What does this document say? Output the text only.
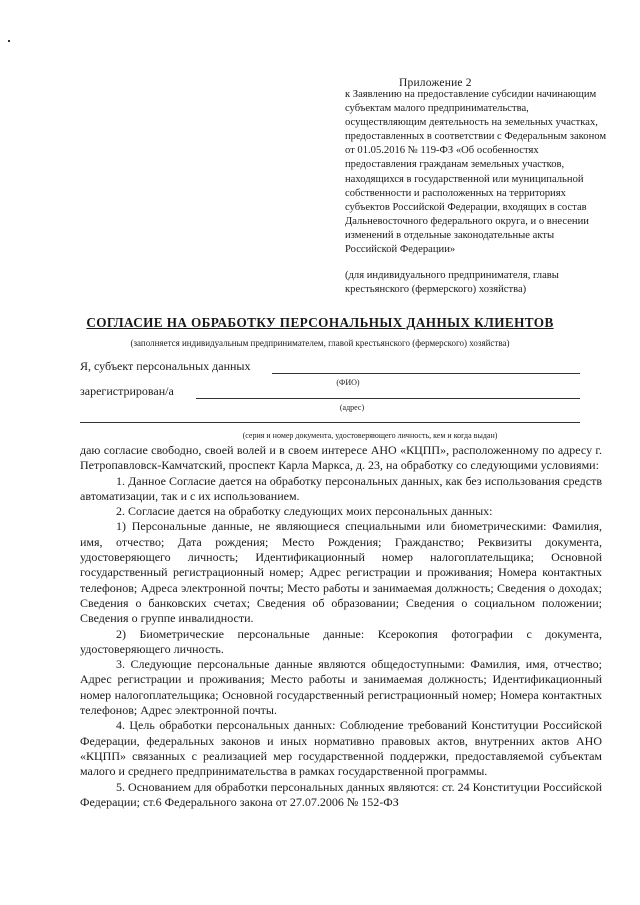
Приложение 2

к Заявлению на предоставление субсидии начинающим субъектам малого предпринимательства, осуществляющим деятельность на земельных участках, предоставленных в соответствии с Федеральным законом от 01.05.2016 № 119-ФЗ «Об особенностях предоставления гражданам земельных участков, находящихся в государственной или муниципальной собственности и расположенных на территориях субъектов Российской Федерации, входящих в состав Дальневосточного федерального округа, и о внесении изменений в отдельные законодательные акты Российской Федерации»

(для индивидуального предпринимателя, главы крестьянского (фермерского) хозяйства)

СОГЛАСИЕ НА ОБРАБОТКУ ПЕРСОНАЛЬНЫХ ДАННЫХ КЛИЕНТОВ

(заполняется индивидуальным предпринимателем, главой крестьянского (фермерского) хозяйства)

Я, субъект персональных данных
(ФИО)
зарегистрирован/а
(адрес)
(серия и номер документа, удостоверяющего личность, кем и когда выдан)

даю согласие свободно, своей волей и в своем интересе АНО «КЦПП», расположенному по адресу г. Петропавловск-Камчатский, проспект Карла Маркса, д. 23, на обработку со следующими условиями:

1. Данное Согласие дается на обработку персональных данных, как без использования средств автоматизации, так и с их использованием.

2. Согласие дается на обработку следующих моих персональных данных:

1) Персональные данные, не являющиеся специальными или биометрическими: Фамилия, имя, отчество; Дата рождения; Место Рождения; Гражданство; Реквизиты документа, удостоверяющего личность; Идентификационный номер налогоплательщика; Основной государственный регистрационный номер; Адрес регистрации и проживания; Номера контактных телефонов; Адреса электронной почты; Место работы и занимаемая должность; Сведения о доходах; Сведения о банковских счетах; Сведения об образовании; Сведения о социальном положении; Сведения о группе инвалидности.

2) Биометрические персональные данные: Ксерокопия фотографии с документа, удостоверяющего личность.

3. Следующие персональные данные являются общедоступными: Фамилия, имя, отчество; Адрес регистрации и проживания; Место работы и занимаемая должность; Идентификационный номер налогоплательщика; Основной государственный регистрационный номер; Номера контактных телефонов; Адрес электронной почты.

4. Цель обработки персональных данных: Соблюдение требований Конституции Российской Федерации, федеральных законов и иных нормативно правовых актов, внутренних актов АНО «КЦПП» связанных с реализацией мер государственной поддержки, предоставляемой субъектам малого и среднего предпринимательства в рамках государственной программы.

5. Основанием для обработки персональных данных являются: ст. 24 Конституции Российской Федерации; ст.6 Федерального закона от 27.07.2006 № 152-ФЗ
